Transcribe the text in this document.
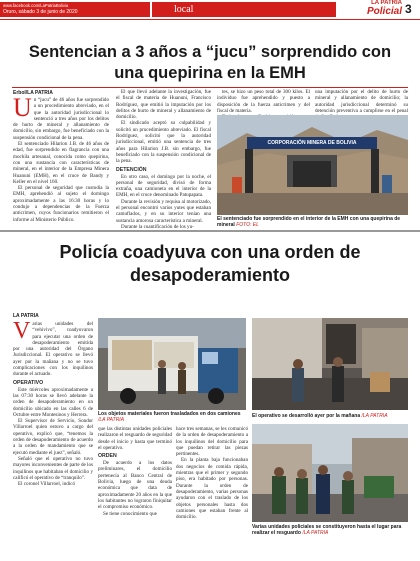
www.facebook.com/LaPatriaBolivia
Oruro, sábado 3 de junio de 2020	local
LA PATRIA
Policial 3
Sentencian a 3 años a “jucu” sorprendido con una quepirina en la EMH
Erbol/LA PATRIA
U n “jucu” de 46 años fue sorprendido a un procedimiento abreviado, en el que la autoridad jurisdiccional lo sentenció a tres años por los delitos de hurto de mineral y allanamiento de domicilio, sin embargo, fue beneficiado con la suspensión condicional de la pena.

El sentenciado Hilarion J.B. de 46 años de edad, fue sorprendido en flagrancia con una mochila artesanal, conocida como quepirina, con una sustancia con características de mineral, en el interior de la Empresa Minera Huanuni (EMH), en el cruce de Bandy y Keller en el nivel 160.

El personal de seguridad que custodia la EMH, aprehendió al sujeto el domingo aproximadamente a las 16:30 horas y lo condujo a dependencias de la Fuerza anticrimen, cuyos funcionarios remitieron el informe al Ministerio Público.

El que llevó adelante la investigación, fue el fiscal de materia de Huanuni, Francisco Rodríguez, que emitió la imputación por los delitos de hurto de mineral y allanamiento de domicilio.

El sindicado aceptó su culpabilidad y solicitó un procedimiento abreviado. El fiscal Rodríguez, solicitó que la autoridad jurisdiccional, emitió una sentencia de tres años para Hilarion J.B. sin embargo, fue beneficiado con la suspensión condicional de la pena.

DETENCIÓN

En otro caso, el domingo por la noche, el personal de seguridad, divisó de forma extraña, una camioneta en el interior de la EMH, en el cruce denominado Patupapata.

Durante la revisión y requisa al motorizado, el personal encontró varios yutes que estaban camuflados, y en su interior tenían una sustancia amorosa característica a mineral.

Durante la cuantificación de los yu-

tes, se hizo un peso total de 300 kilos. El individuo fue aprehendido y puesto a disposición de la fuerza anticrimen y del fiscal de materia.

una imputación por el delito de hurto de mineral y allanamiento de domicilio; la autoridad jurisdiccional determinó su detención preventiva a cumplirse en el penal

CORPORACIÓN MINERA DE BOLIVIA
El sentenciado fue sorprendido en el interior de la EMH con una quepirina de mineral FOTO: EL
Policía coadyuva con una orden de desapoderamiento
LA PATRIA
V arias unidades del “vehivivo”, coadyuvaron para ejecutar una orden de desapoderamiento emitida por una autoridad del Órgano Jurisdiccional. El operativo se llevó ayer por la mañana y no se tuvo complicaciones con los inquilinos durante el actuado.

OPERATIVO

Este miércoles aproximadamente a las 07:30 horas se llevó adelante la orden de desapoderamiento en un domicilio ubicado en las calles 6 de Octubre entre Montesinos y Herrera.

El Supervisor de Servicio, Sondor Villarroel quien estuvo a cargo del operativo, explicó que, “tenemos la orden de desapoderamiento de acuerdo a la orden de mandamiento que se ejecutó mediante el juez”, señaló.

Señaló que el operativo no tuvo mayores inconvenientes de parte de los inquilinos que habitaban el domicilio y calificó el operativo de “tranquilo”.

El coronel Villarroel, indicó

Los objetos materiales fueron trasladados en dos camiones /LA PATRIA
El operativo se desarrolló ayer por la mañana /LA PATRIA

que las distintas unidades policiales realizaron el resguardo de seguridad desde el inicio y hasta que terminó el operativo.

ORDEN

De acuerdo a los datos preliminares, el domicilio pertenecía al Banco Central de Bolivia, luego de una deuda económica que data de aproximadamente 20 años en la que los habitantes no lograron finiquitar el compromiso económico.

Se tiene conocimiento que

hace tres semanas, se les comunicó de la orden de desapoderamiento a los inquilinos del domicilio para que puedan retirar las piezas pertinentes.

En la planta baja funcionaban dos negocios de comida rápida, mientras que el primer y segundo piso, era habitado por personas. Durante la orden de desapoderamiento, varias personas ayudaron con el traslado de los objetos personales hasta dos camiones que estaban frente al domicilio.

Varias unidades policiales se constituyeron hasta el lugar para realizar el resguardo /LA PATRIA
